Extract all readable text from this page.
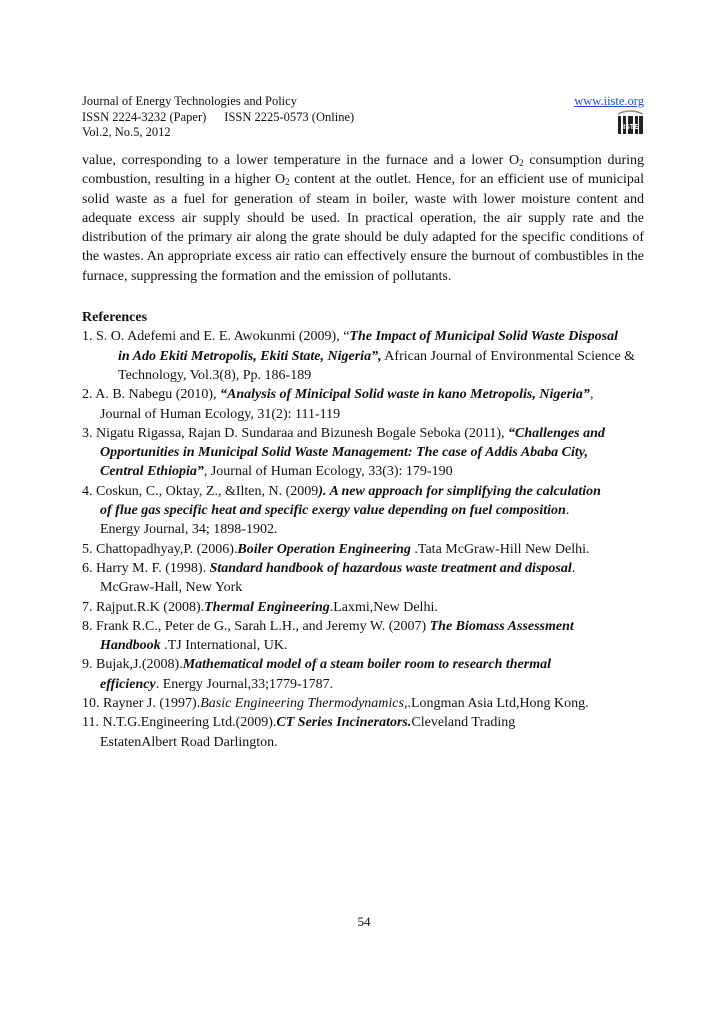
Journal of Energy Technologies and Policy	www.iiste.org
ISSN 2224-3232 (Paper) ISSN 2225-0573 (Online)
Vol.2, No.5, 2012	IISTE

value, corresponding to a lower temperature in the furnace and a lower $O_2$ consumption during combustion, resulting in a higher $O_2$ content at the outlet. Hence, for an efficient use of municipal solid waste as a fuel for generation of steam in boiler, waste with lower moisture content and adequate excess air supply should be used. In practical operation, the air supply rate and the distribution of the primary air along the grate should be duly adapted for the specific conditions of the wastes. An appropriate excess air ratio can effectively ensure the burnout of combustibles in the furnace, suppressing the formation and the emission of pollutants.

References

1. S. O. Adefemi and E. E. Awokunmi (2009), “The Impact of Municipal Solid Waste Disposal
in Ado Ekiti Metropolis, Ekiti State, Nigeria”, African Journal of Environmental Science &
Technology, Vol.3(8), Pp. 186-189

2. A. B. Nabegu (2010), “Analysis of Minicipal Solid waste in kano Metropolis, Nigeria”,
Journal of Human Ecology, 31(2): 111-119

3. Nigatu Rigassa, Rajan D. Sundaraa and Bizunesh Bogale Seboka (2011), “Challenges and
Opportunities in Municipal Solid Waste Management: The case of Addis Ababa City,
Central Ethiopia”, Journal of Human Ecology, 33(3): 179-190

4. Coskun, C., Oktay, Z., &Ilten, N. (2009). A new approach for simplifying the calculation
of flue gas specific heat and specific exergy value depending on fuel composition.
Energy Journal, 34; 1898-1902.

5. Chattopadhyay,P. (2006).Boiler Operation Engineering .Tata McGraw-Hill New Delhi.

6. Harry M. F. (1998). Standard handbook of hazardous waste treatment and disposal.
McGraw-Hall, New York

7. Rajput.R.K (2008).Thermal Engineering.Laxmi,New Delhi.

8. Frank R.C., Peter de G., Sarah L.H., and Jeremy W. (2007) The Biomass Assessment
Handbook .TJ International, UK.

9. Bujak,J.(2008).Mathematical model of a steam boiler room to research thermal
efficiency. Energy Journal,33;1779-1787.

10. Rayner J. (1997).Basic Engineering Thermodynamics,.Longman Asia Ltd,Hong Kong.

11. N.T.G.Engineering Ltd.(2009).CT Series Incinerators.Cleveland Trading
EstatenAlbert Road Darlington.

54
